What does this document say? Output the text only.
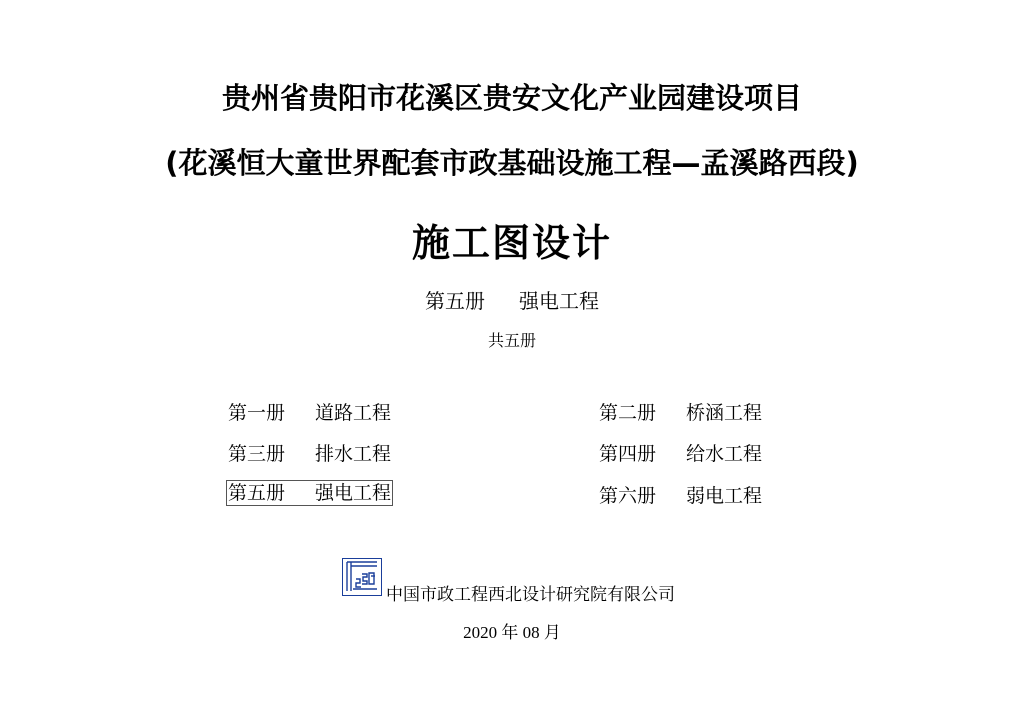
贵州省贵阳市花溪区贵安文化产业园建设项目
(花溪恒大童世界配套市政基础设施工程—孟溪路西段)
施工图设计
第五册 强电工程
共五册
第一册 道路工程	第二册 桥涵工程
第三册 排水工程	第四册 给水工程
第五册 强电工程	第六册 弱电工程
中国市政工程西北设计研究院有限公司
2020 年 08 月
